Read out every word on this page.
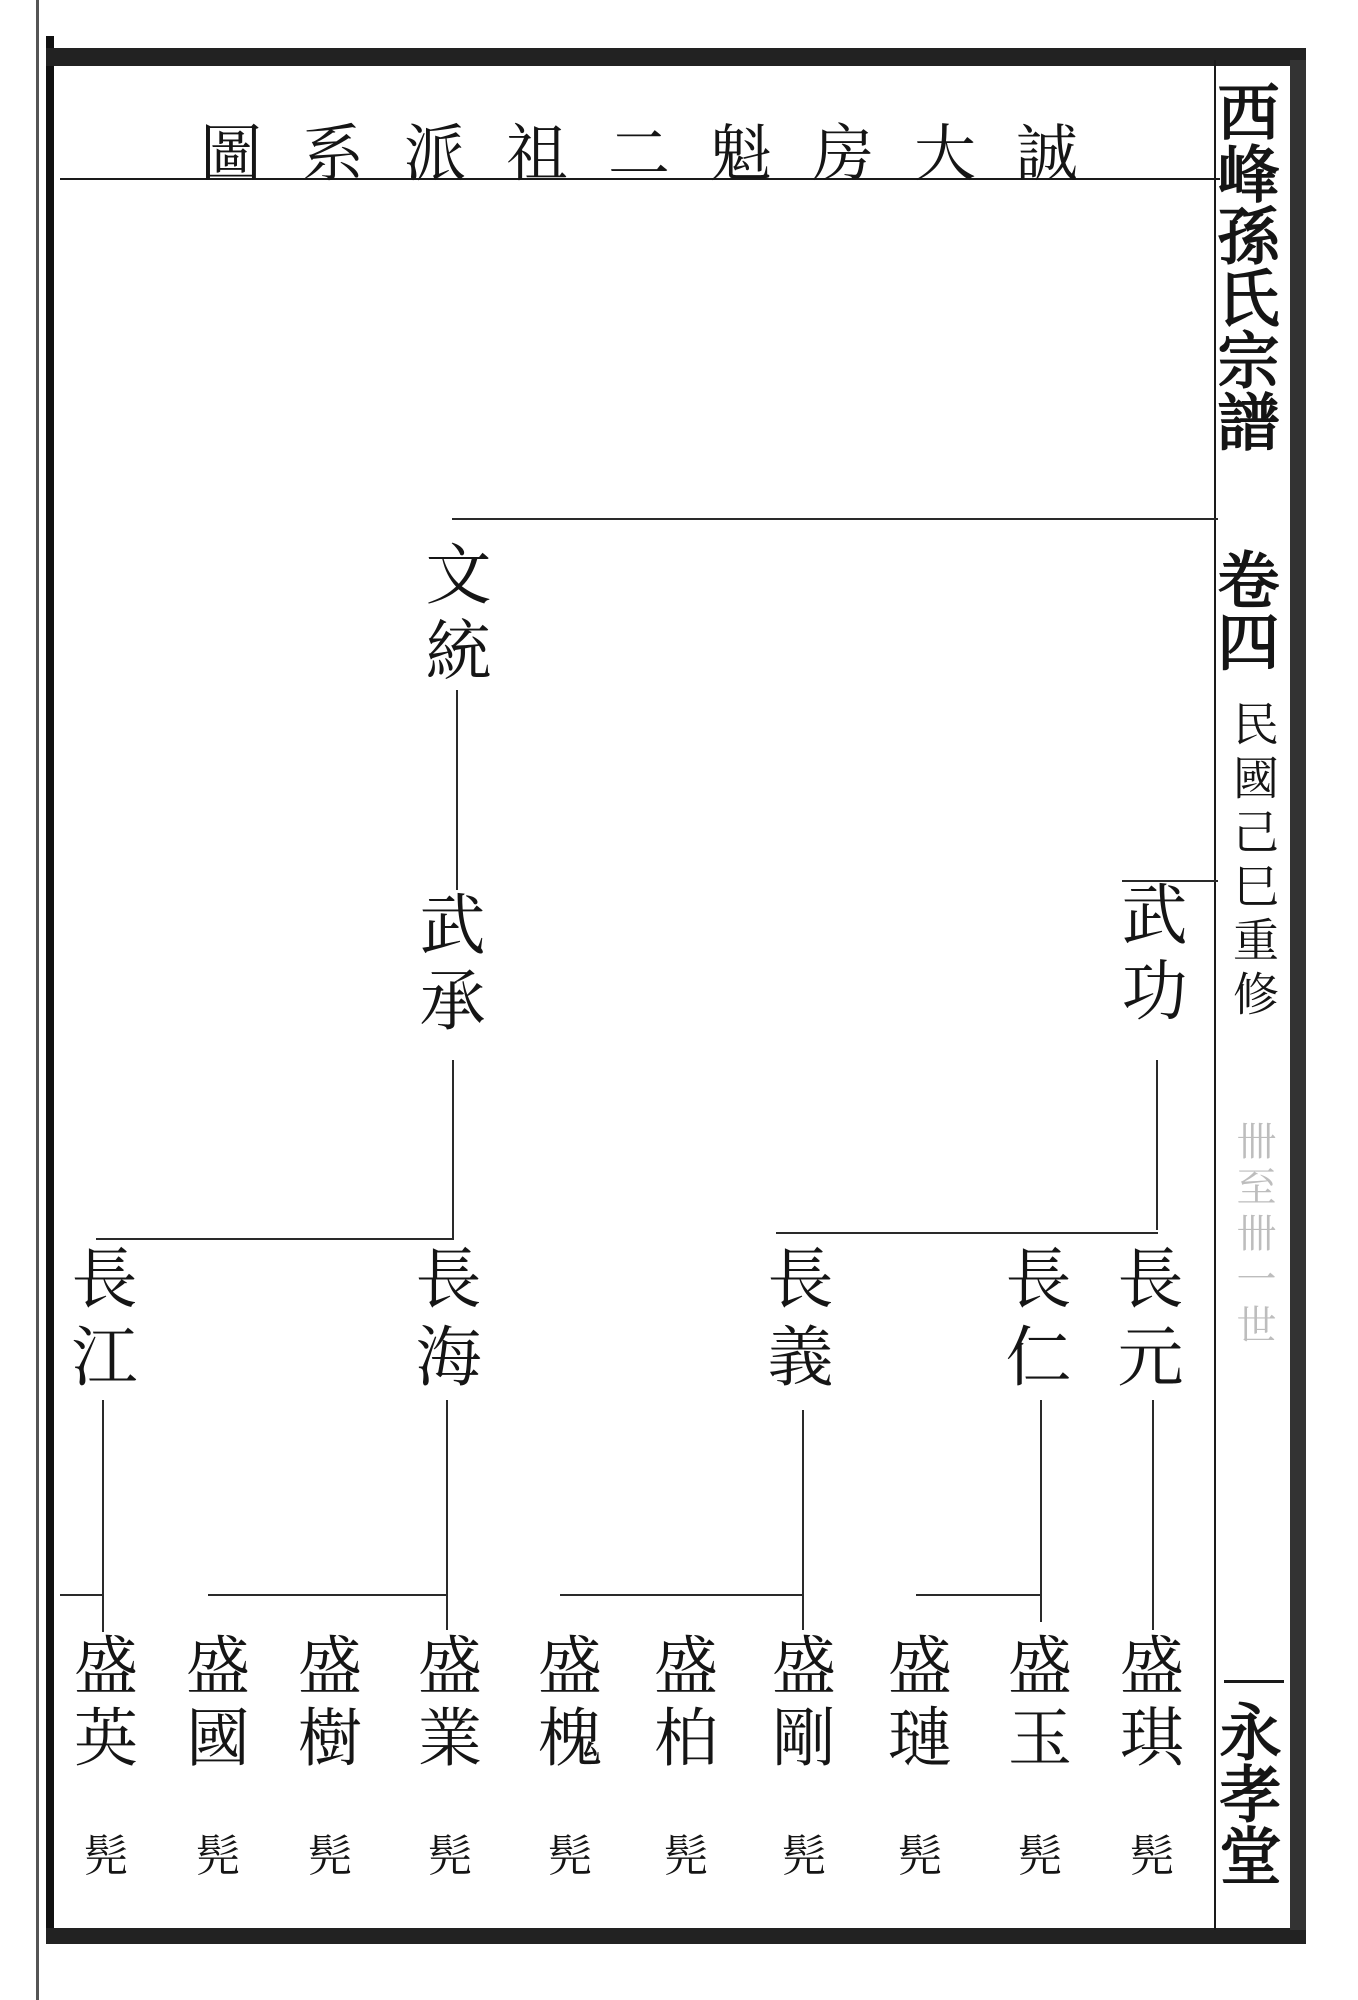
誠大房魁二祖派系圖 西峰孫氏宗譜
卷四
民國己巳重修
卌至卌一世
永孝堂
文統
武功
武承
長元
長仁
長義
長海
長江
盛琪
盛玉
盛璉
盛剛
盛柏
盛槐
盛業
盛樹
盛國
盛英
髡
髡
髡
髡
髡
髡
髡
髡
髡
髡
